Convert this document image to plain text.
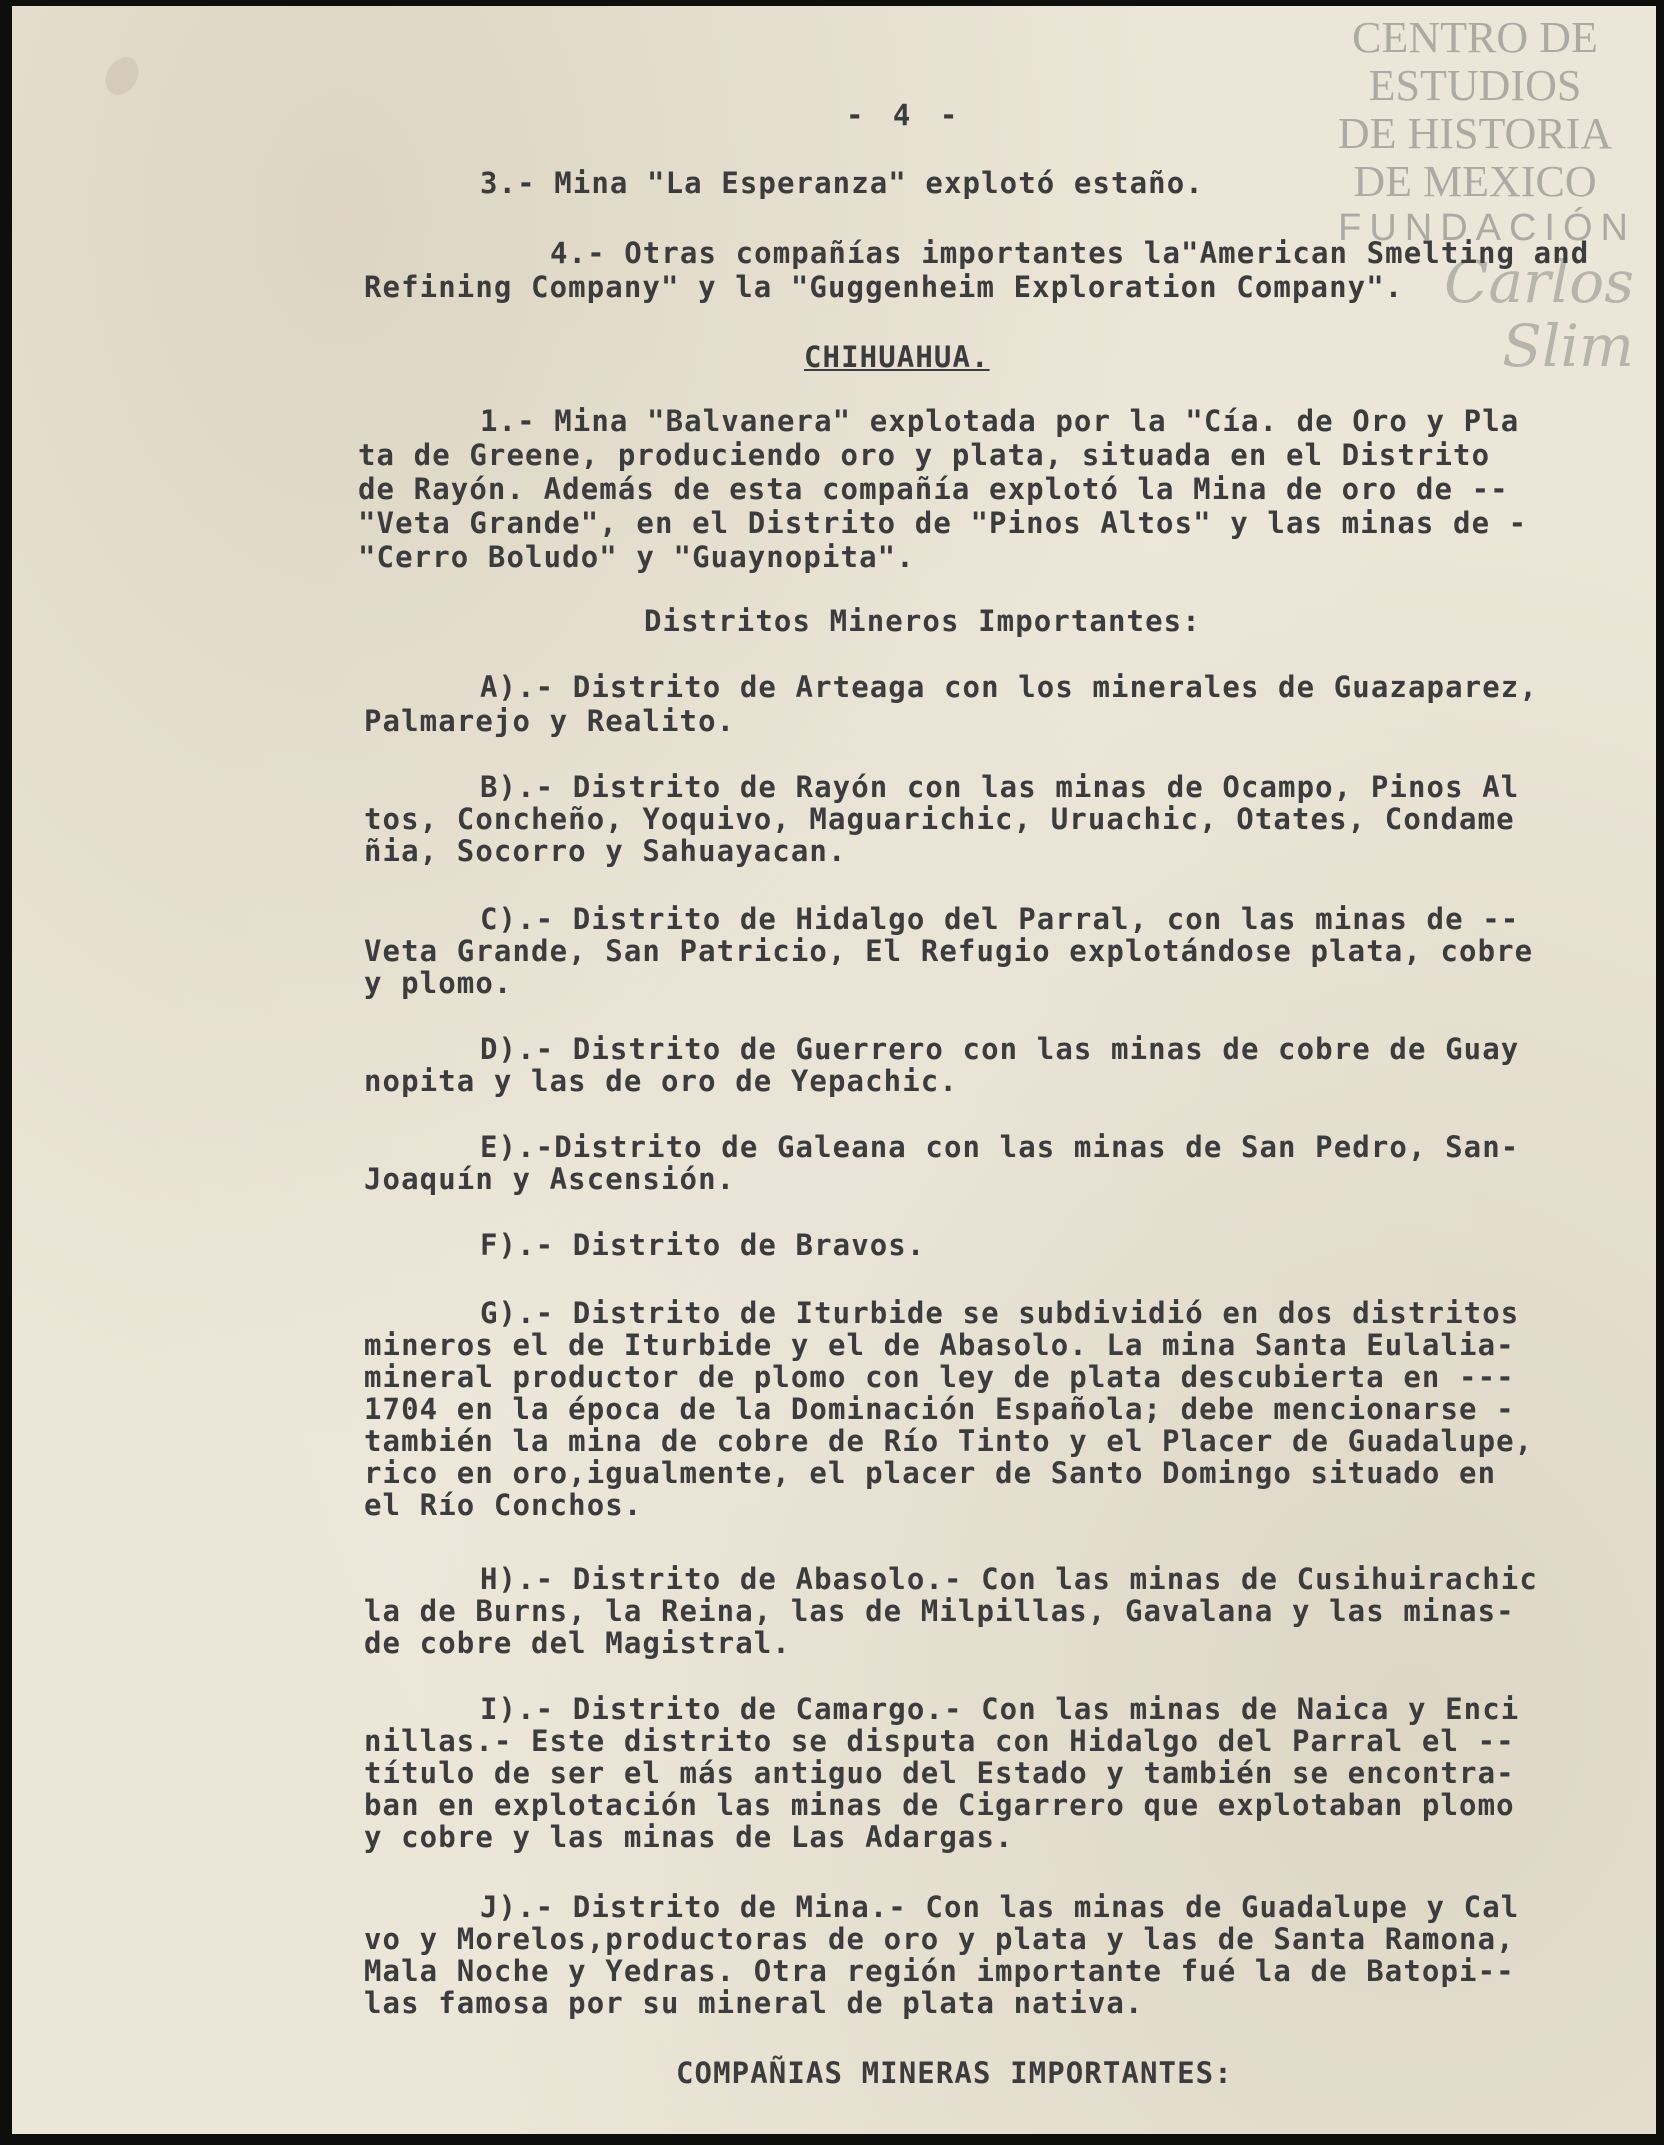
CENTRO DE
ESTUDIOS
DE HISTORIA
DE MEXICO
FUNDACIÓN
Carlos Slim
- 4 -
3.- Mina "La Esperanza" explotó estaño.
4.- Otras compañías importantes la"American Smelting and
Refining Company" y la "Guggenheim Exploration Company".
CHIHUAHUA.
1.- Mina "Balvanera" explotada por la "Cía. de Oro y Pla
ta de Greene, produciendo oro y plata, situada en el Distrito
de Rayón. Además de esta compañía explotó la Mina de oro de --
"Veta Grande", en el Distrito de "Pinos Altos" y las minas de -
"Cerro Boludo" y "Guaynopita".
Distritos Mineros Importantes:
A).- Distrito de Arteaga con los minerales de Guazaparez,
Palmarejo y Realito.
B).- Distrito de Rayón con las minas de Ocampo, Pinos Al
tos, Concheño, Yoquivo, Maguarichic, Uruachic, Otates, Condame
ñia, Socorro y Sahuayacan.
C).- Distrito de Hidalgo del Parral, con las minas de --
Veta Grande, San Patricio, El Refugio explotándose plata, cobre
y plomo.
D).- Distrito de Guerrero con las minas de cobre de Guay
nopita y las de oro de Yepachic.
E).-Distrito de Galeana con las minas de San Pedro, San-
Joaquín y Ascensión.
F).- Distrito de Bravos.
G).- Distrito de Iturbide se subdividió en dos distritos
mineros el de Iturbide y el de Abasolo. La mina Santa Eulalia-
mineral productor de plomo con ley de plata descubierta en ---
1704 en la época de la Dominación Española; debe mencionarse -
también la mina de cobre de Río Tinto y el Placer de Guadalupe,
rico en oro,igualmente, el placer de Santo Domingo situado en
el Río Conchos.
H).- Distrito de Abasolo.- Con las minas de Cusihuirachic
la de Burns, la Reina, las de Milpillas, Gavalana y las minas-
de cobre del Magistral.
I).- Distrito de Camargo.- Con las minas de Naica y Enci
nillas.- Este distrito se disputa con Hidalgo del Parral el --
título de ser el más antiguo del Estado y también se encontra-
ban en explotación las minas de Cigarrero que explotaban plomo
y cobre y las minas de Las Adargas.
J).- Distrito de Mina.- Con las minas de Guadalupe y Cal
vo y Morelos,productoras de oro y plata y las de Santa Ramona,
Mala Noche y Yedras. Otra región importante fué la de Batopi--
las famosa por su mineral de plata nativa.
COMPAÑIAS MINERAS IMPORTANTES:
